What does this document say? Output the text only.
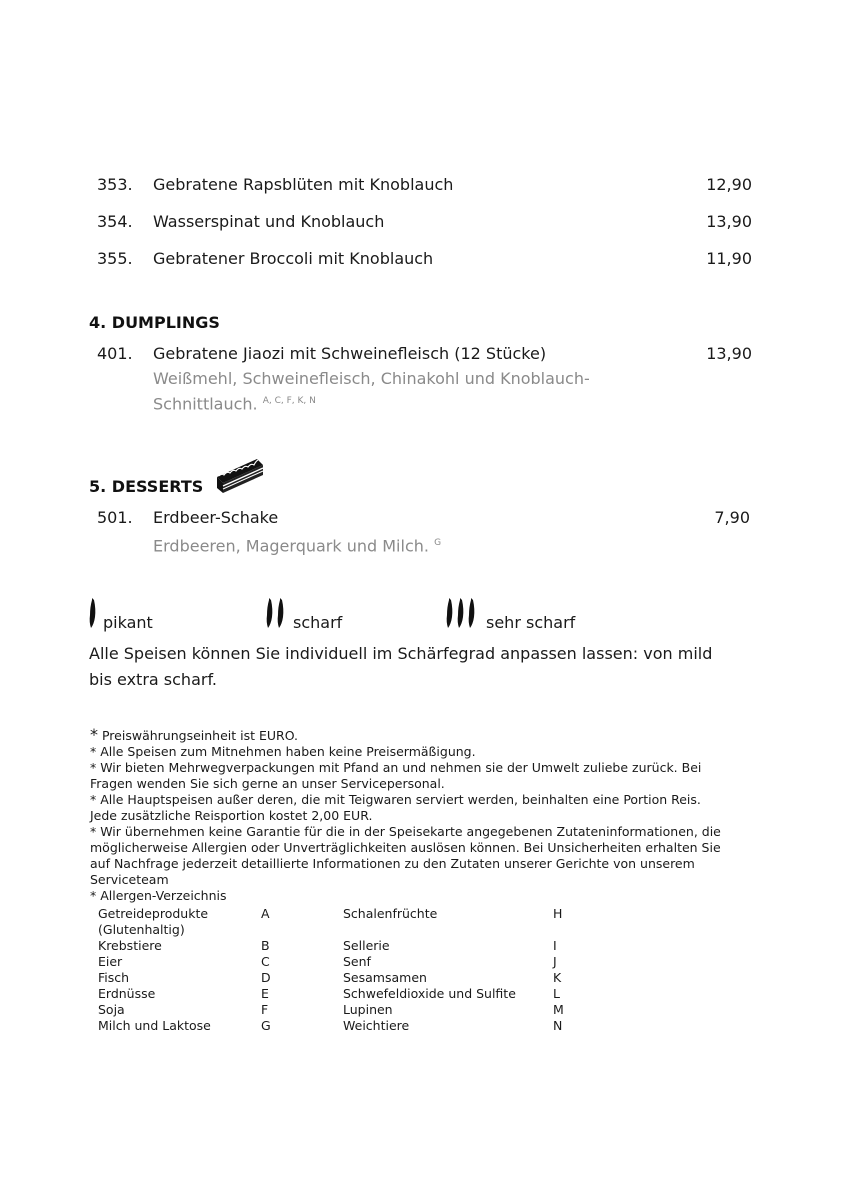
353. Gebratene Rapsblüten mit Knoblauch	12,90
354. Wasserspinat und Knoblauch	13,90
355. Gebratener Broccoli mit Knoblauch	11,90
4. DUMPLINGS
401. Gebratene Jiaozi mit Schweinefleisch (12 Stücke)	13,90
Weißmehl, Schweinefleisch, Chinakohl und Knoblauch-
Schnittlauch. $^{A, C, F, K, N}$
5. DESSERTS
501. Erdbeer-Schake	7,90
Erdbeeren, Magerquark und Milch. $^G$
pikant	scharf	sehr scharf
Alle Speisen können Sie individuell im Schärfegrad anpassen lassen: von mild
bis extra scharf.
* Preiswährungseinheit ist EURO.
* Alle Speisen zum Mitnehmen haben keine Preisermäßigung.
* Wir bieten Mehrwegverpackungen mit Pfand an und nehmen sie der Umwelt zuliebe zurück. Bei
Fragen wenden Sie sich gerne an unser Servicepersonal.
* Alle Hauptspeisen außer deren, die mit Teigwaren serviert werden, beinhalten eine Portion Reis.
Jede zusätzliche Reisportion kostet 2,00 EUR.
* Wir übernehmen keine Garantie für die in der Speisekarte angegebenen Zutateninformationen, die
möglicherweise Allergien oder Unverträglichkeiten auslösen können. Bei Unsicherheiten erhalten Sie
auf Nachfrage jederzeit detaillierte Informationen zu den Zutaten unserer Gerichte von unserem
Serviceteam
* Allergen-Verzeichnis
Getreideprodukte	A	Schalenfrüchte	H
(Glutenhaltig)
Krebstiere	B	Sellerie	I
Eier	C	Senf	J
Fisch	D	Sesamsamen	K
Erdnüsse	E	Schwefeldioxide und Sulfite	L
Soja	F	Lupinen	M
Milch und Laktose	G	Weichtiere	N
